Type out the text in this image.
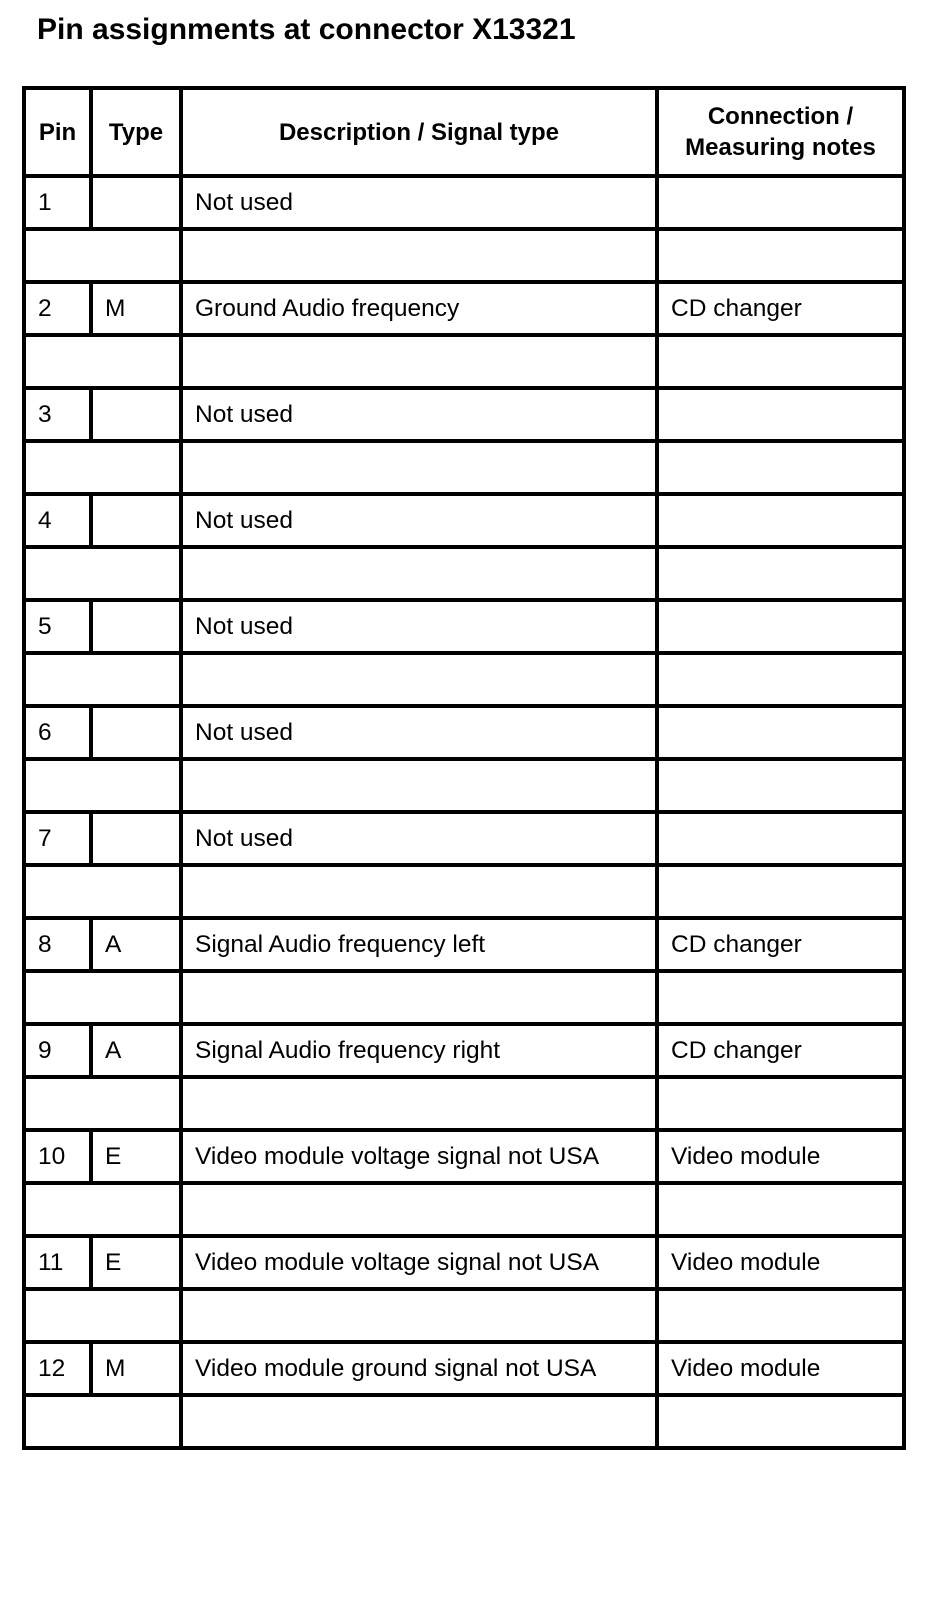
Pin assignments at connector X13321
Pin	Type	Description / Signal type	Connection /
Measuring notes

1		Not used	

2	M	Ground Audio frequency	CD changer

3		Not used	

4		Not used	

5		Not used	

6		Not used	

7		Not used	

8	A	Signal Audio frequency left	CD changer

9	A	Signal Audio frequency right	CD changer

10	E	Video module voltage signal not USA	Video module

11	E	Video module voltage signal not USA	Video module

12	M	Video module ground signal not USA	Video module
